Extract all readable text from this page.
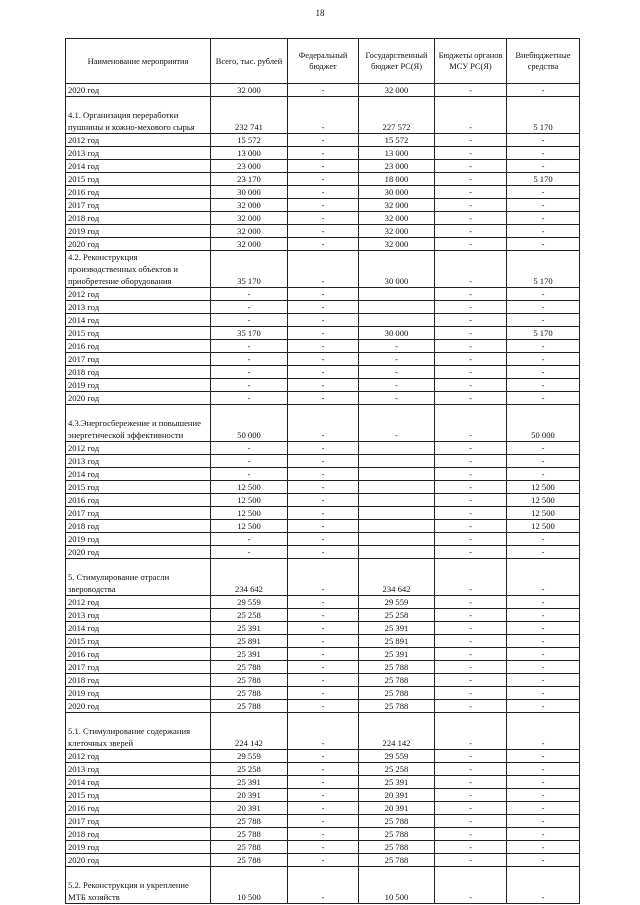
18
Наименование мероприятия	Всего, тыс. рублей	Федеральный бюджет	Государственный бюджет РС(Я)	Бюджеты органов МСУ РС(Я)	Внебюджетные средства
2020 год	32 000	-	32 000	-	-
4.1. Организация переработки пушнины и кожно-мехового сырья	232 741	-	227 572	-	5 170
2012 год	15 572	-	15 572	-	-
2013 год	13 000	-	13 000	-	-
2014 год	23 000	-	23 000	-	-
2015 год	23 170	-	18 000	-	5 170
2016 год	30 000	-	30 000	-	-
2017 год	32 000	-	32 000	-	-
2018 год	32 000	-	32 000	-	-
2019 год	32 000	-	32 000	-	-
2020 год	32 000	-	32 000	-	-
4.2. Реконструкция производственных объектов и приобретение оборудования	35 170	-	30 000	-	5 170
2012 год	-	-		-	-
2013 год	-	-		-	-
2014 год	-	-		-	-
2015 год	35 170	-	30 000	-	5 170
2016 год	-	-	-	-	-
2017 год	-	-	-	-	-
2018 год	-	-	-	-	-
2019 год	-	-	-	-	-
2020 год	-	-	-	-	-
4.3.Энергосбережение и повышение энергетической эффективности	50 000	-	-	-	50 000
2012 год	-	-		-	-
2013 год	-	-		-	-
2014 год	-	-		-	-
2015 год	12 500	-		-	12 500
2016 год	12 500	-		-	12 500
2017 год	12 500	-		-	12 500
2018 год	12 500	-		-	12 500
2019 год	-	-		-	-
2020 год	-	-		-	-
5. Стимулирование отрасли звероводства	234 642	-	234 642	-	-
2012 год	29 559	-	29 559	-	-
2013 год	25 258	-	25 258	-	-
2014 год	25 391	-	25 391	-	-
2015 год	25 891	-	25 891	-	-
2016 год	25 391	-	25 391	-	-
2017 год	25 788	-	25 788	-	-
2018 год	25 788	-	25 788	-	-
2019 год	25 788	-	25 788	-	-
2020 год	25 788	-	25 788	-	-
5.1. Стимулирование содержания клеточных зверей	224 142	-	224 142	-	-
2012 год	29 559	-	29 559	-	-
2013 год	25 258	-	25 258	-	-
2014 год	25 391	-	25 391	-	-
2015 год	20 391	-	20 391	-	-
2016 год	20 391	-	20 391	-	-
2017 год	25 788	-	25 788	-	-
2018 год	25 788	-	25 788	-	-
2019 год	25 788	-	25 788	-	-
2020 год	25 788	-	25 788	-	-
5.2. Реконструкция и укрепление МТБ хозяйств	10 500	-	10 500	-	-
